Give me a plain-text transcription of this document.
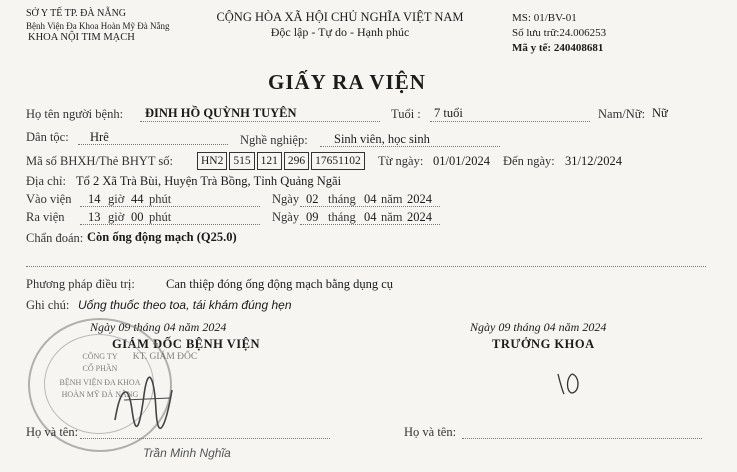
SỞ Y TẾ TP. ĐÀ NẴNG
Bệnh Viện Đa Khoa Hoàn Mỹ Đà Nẵng
KHOA NỘI TIM MẠCH
CỘNG HÒA XÃ HỘI CHỦ NGHĨA VIỆT NAM
Độc lập - Tự do - Hạnh phúc
MS: 01/BV-01
Số lưu trữ:24.006253
Mã y tế: 240408681
GIẤY RA VIỆN
Họ tên người bệnh: ĐINH HỒ QUỲNH TUYÊN	Tuổi : 7 tuổi	Nam/Nữ: Nữ
Dân tộc: Hrê	Nghề nghiệp: Sinh viên, học sinh
Mã số BHXH/Thẻ BHYT số:	HN2 515 121 296 17651102	Từ ngày: 01/01/2024 Đến ngày: 31/12/2024
Địa chỉ: Tổ 2 Xã Trà Bùi, Huyện Trà Bồng, Tỉnh Quảng Ngãi
Vào viện 14 giờ 44 phút	Ngày 02 tháng 04 năm 2024
Ra viện 13 giờ 00 phút	Ngày 09 tháng 04 năm 2024
Chẩn đoán: Còn ống động mạch (Q25.0)
Phương pháp điều trị: Can thiệp đóng ống động mạch bằng dụng cụ
Ghi chú: Uống thuốc theo toa, tái khám đúng hẹn
Ngày 09 tháng 04 năm 2024
GIÁM ĐỐC BỆNH VIỆN
CÔNG TY
CỔ PHẦN
BỆNH VIỆN ĐA KHOA
HOÀN MỸ ĐÀ NẴNG
KT. GIÁM ĐỐC
Họ và tên:
Trần Minh Nghĩa
Ngày 09 tháng 04 năm 2024
TRƯỞNG KHOA
Họ và tên:
